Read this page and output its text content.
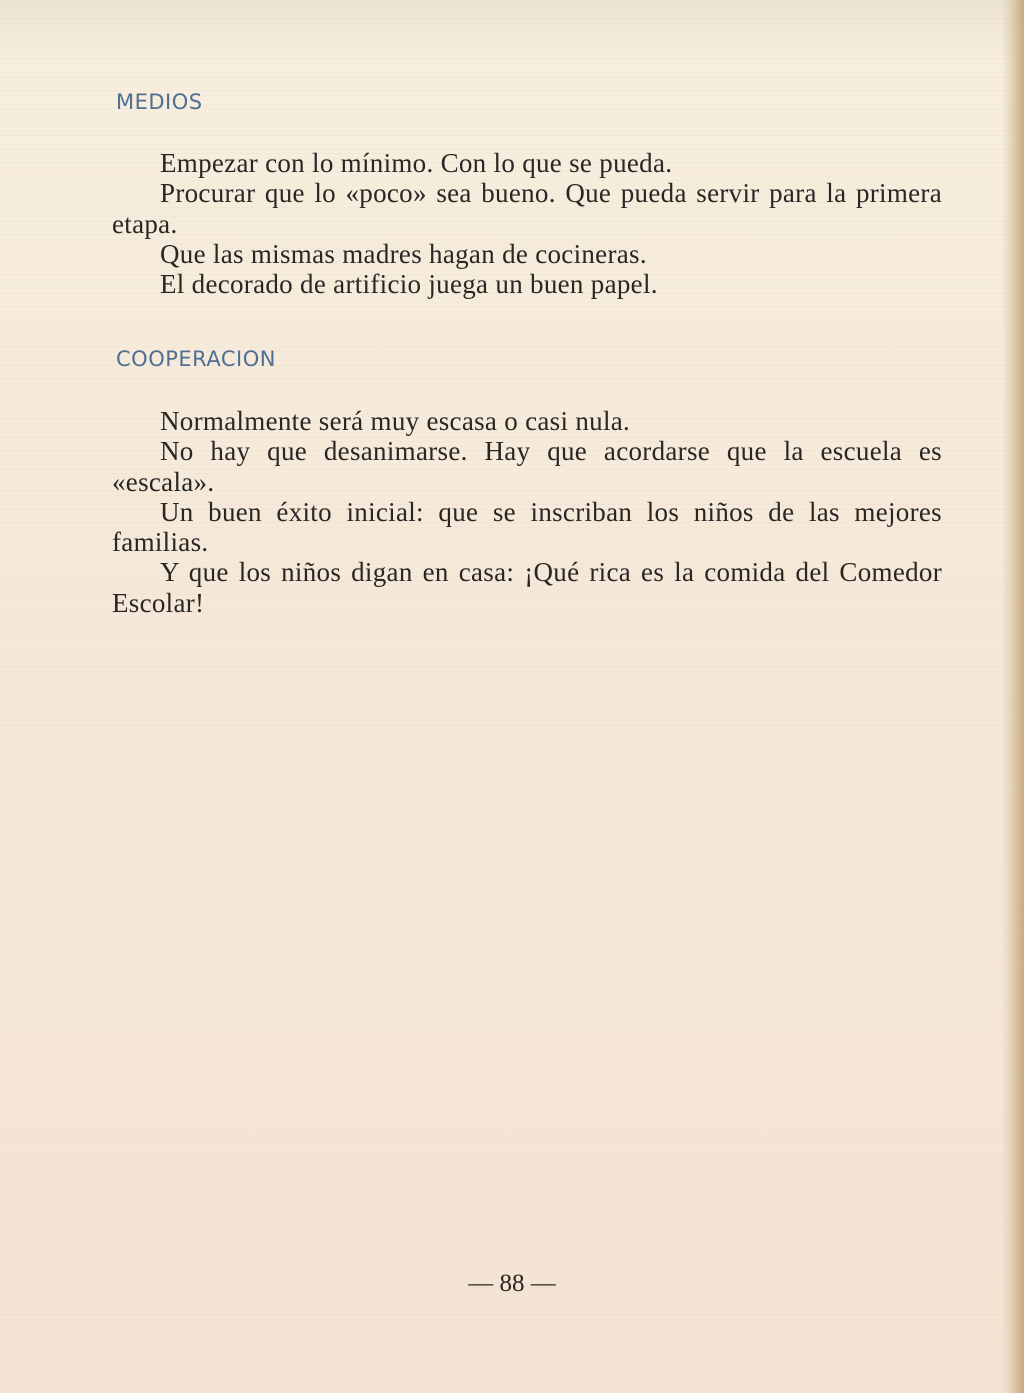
MEDIOS

Empezar con lo mínimo. Con lo que se pueda.

Procurar que lo «poco» sea bueno. Que pueda servir para la primera etapa.

Que las mismas madres hagan de cocineras.

El decorado de artificio juega un buen papel.

COOPERACION

Normalmente será muy escasa o casi nula.

No hay que desanimarse. Hay que acordarse que la escuela es «escala».

Un buen éxito inicial: que se inscriban los niños de las mejores familias.

Y que los niños digan en casa: ¡Qué rica es la comida del Comedor Escolar!

— 88 —
